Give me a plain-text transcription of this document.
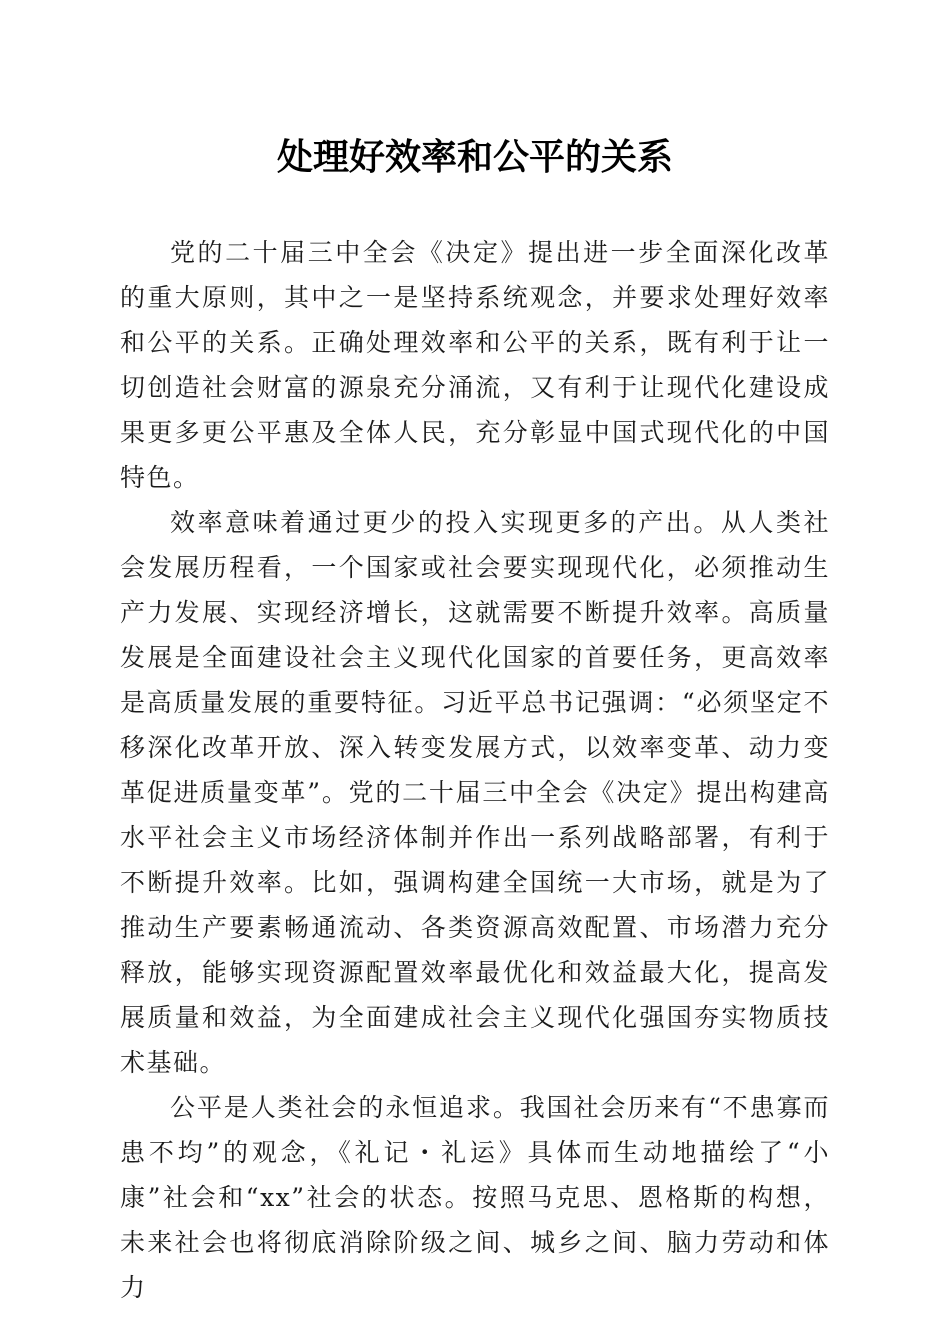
处理好效率和公平的关系

党的二十届三中全会《决定》提出进一步全面深化改革的重大原则，其中之一是坚持系统观念，并要求处理好效率和公平的关系。正确处理效率和公平的关系，既有利于让一切创造社会财富的源泉充分涌流，又有利于让现代化建设成果更多更公平惠及全体人民，充分彰显中国式现代化的中国特色。

效率意味着通过更少的投入实现更多的产出。从人类社会发展历程看，一个国家或社会要实现现代化，必须推动生产力发展、实现经济增长，这就需要不断提升效率。高质量发展是全面建设社会主义现代化国家的首要任务，更高效率是高质量发展的重要特征。习近平总书记强调：“必须坚定不移深化改革开放、深入转变发展方式，以效率变革、动力变革促进质量变革”。党的二十届三中全会《决定》提出构建高水平社会主义市场经济体制并作出一系列战略部署，有利于不断提升效率。比如，强调构建全国统一大市场，就是为了推动生产要素畅通流动、各类资源高效配置、市场潜力充分释放，能够实现资源配置效率最优化和效益最大化，提高发展质量和效益，为全面建成社会主义现代化强国夯实物质技术基础。

公平是人类社会的永恒追求。我国社会历来有“不患寡而患不均”的观念，《礼记・礼运》具体而生动地描绘了“小康”社会和“xx”社会的状态。按照马克思、恩格斯的构想，未来社会也将彻底消除阶级之间、城乡之间、脑力劳动和体力
